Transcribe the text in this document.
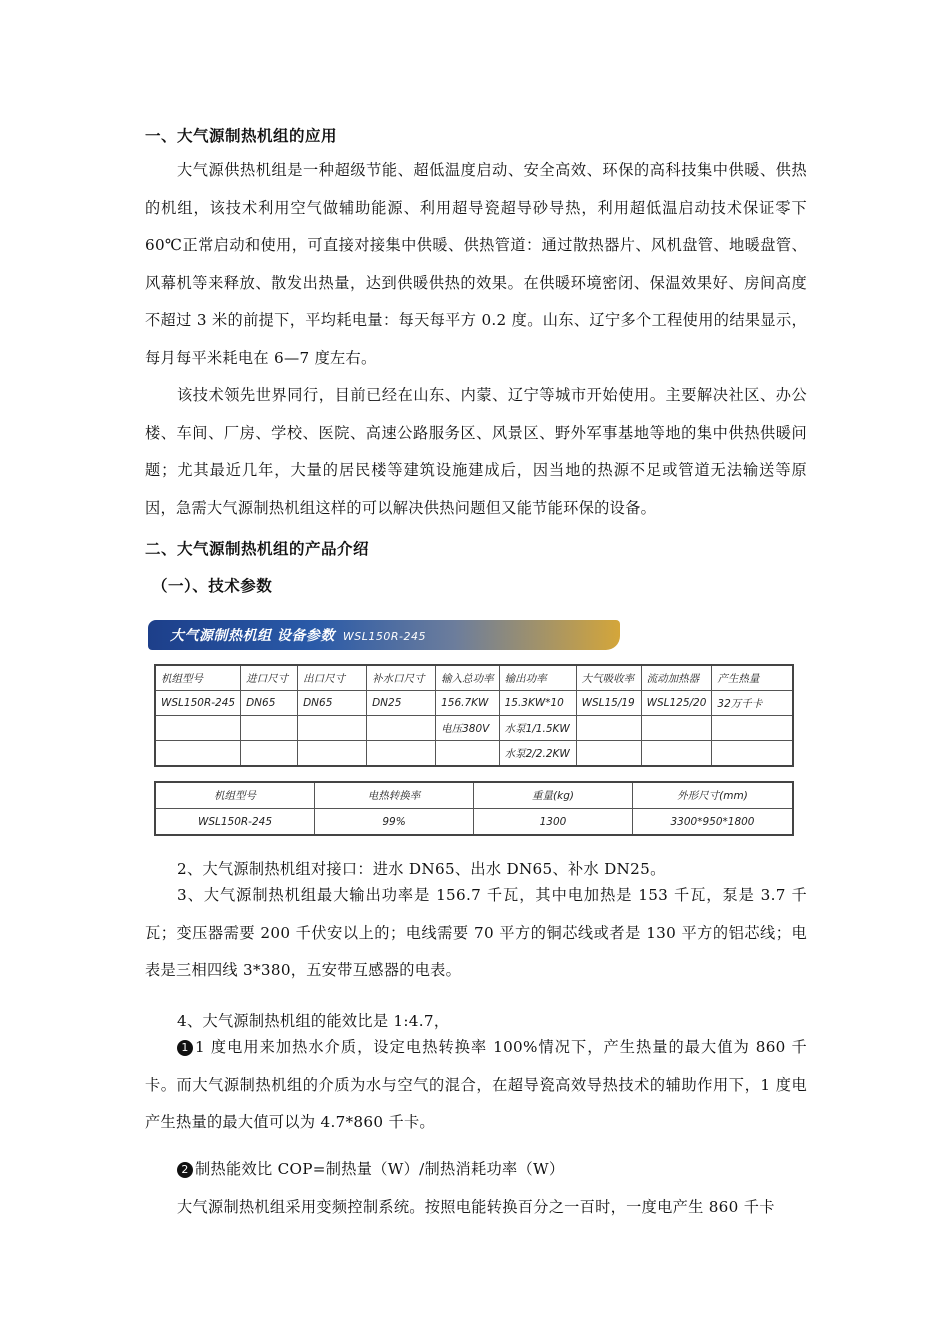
一、大气源制热机组的应用
大气源供热机组是一种超级节能、超低温度启动、安全高效、环保的高科技集中供暖、供热的机组，该技术利用空气做辅助能源、利用超导瓷超导砂导热，利用超低温启动技术保证零下 60℃正常启动和使用，可直接对接集中供暖、供热管道：通过散热器片、风机盘管、地暖盘管、风幕机等来释放、散发出热量，达到供暖供热的效果。在供暖环境密闭、保温效果好、房间高度不超过 3 米的前提下，平均耗电量：每天每平方 0.2 度。山东、辽宁多个工程使用的结果显示，每月每平米耗电在 6—7 度左右。
该技术领先世界同行，目前已经在山东、内蒙、辽宁等城市开始使用。主要解决社区、办公楼、车间、厂房、学校、医院、高速公路服务区、风景区、野外军事基地等地的集中供热供暖问题；尤其最近几年，大量的居民楼等建筑设施建成后，因当地的热源不足或管道无法输送等原因，急需大气源制热机组这样的可以解决供热问题但又能节能环保的设备。
二、大气源制热机组的产品介绍
（一）、技术参数
大气源制热机组 设备参数 WSL150R-245
机组型号	进口尺寸	出口尺寸	补水口尺寸	输入总功率	输出功率	大气吸收率	流动加热器	产生热量
WSL150R-245	DN65	DN65	DN25	156.7KW	15.3KW*10	WSL15/19	WSL125/20	32万千卡
				电压380V	水泵1/1.5KW			
					水泵2/2.2KW			
机组型号	电热转换率	重量(kg)	外形尺寸(mm)
WSL150R-245	99%	1300	3300*950*1800
2、大气源制热机组对接口：进水 DN65、出水 DN65、补水 DN25。
3、大气源制热机组最大输出功率是 156.7 千瓦，其中电加热是 153 千瓦，泵是 3.7 千瓦；变压器需要 200 千伏安以上的；电线需要 70 平方的铜芯线或者是 130 平方的铝芯线；电表是三相四线 3*380，五安带互感器的电表。
4、大气源制热机组的能效比是 1:4.7，
1 1 度电用来加热水介质，设定电热转换率 100%情况下，产生热量的最大值为 860 千卡。而大气源制热机组的介质为水与空气的混合，在超导瓷高效导热技术的辅助作用下，1 度电产生热量的最大值可以为 4.7*860 千卡。
2 制热能效比 COP=制热量（W）/制热消耗功率（W）
大气源制热机组采用变频控制系统。按照电能转换百分之一百时，一度电产生 860 千卡
